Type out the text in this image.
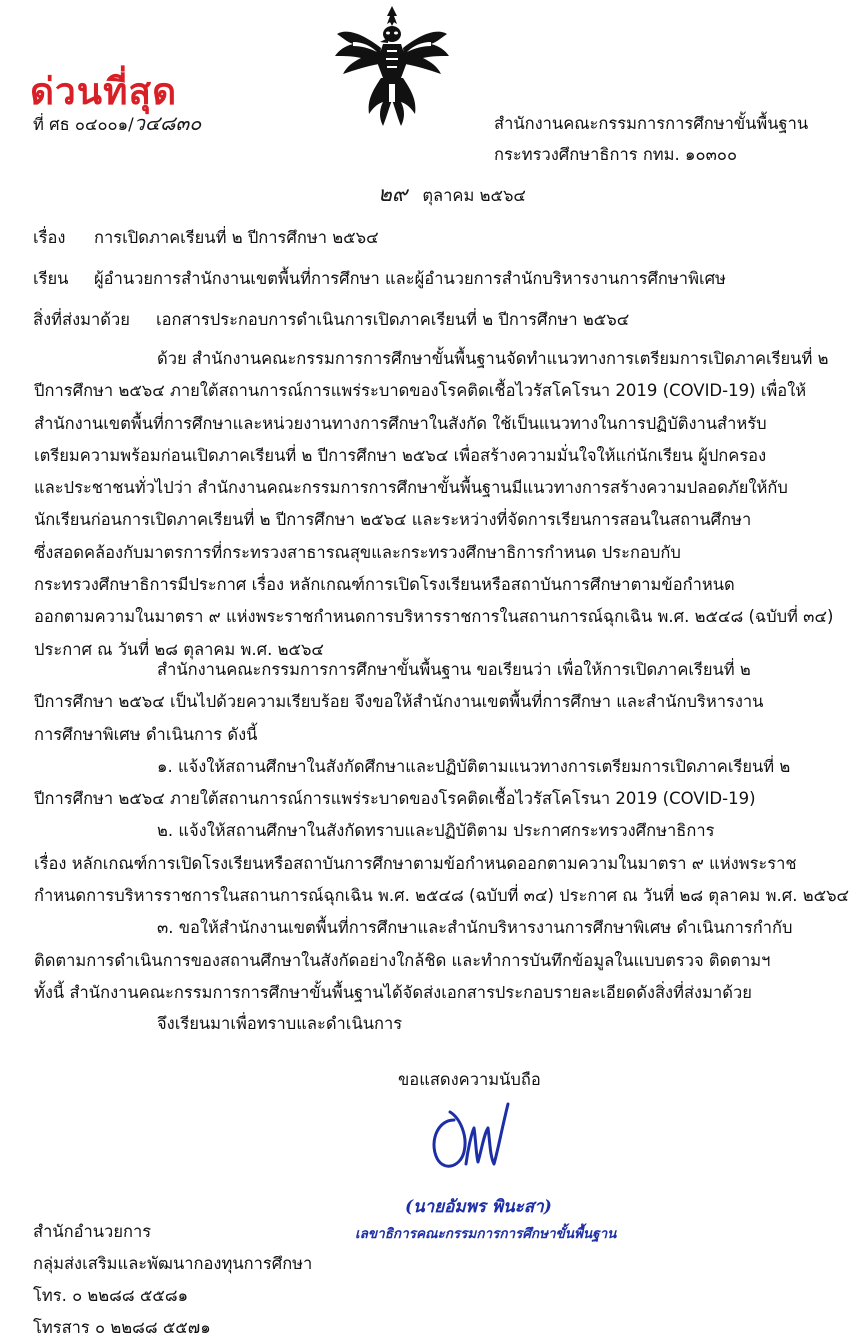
ด่วนที่สุด
ที่ ศธ ๐๔๐๐๑/ว๔๘๓๐	สำนักงานคณะกรรมการการศึกษาขั้นพื้นฐาน
กระทรวงศึกษาธิการ กทม. ๑๐๓๐๐
๒๙ ตุลาคม ๒๕๖๔
เรื่อง การเปิดภาคเรียนที่ ๒ ปีการศึกษา ๒๕๖๔
เรียน ผู้อำนวยการสำนักงานเขตพื้นที่การศึกษา และผู้อำนวยการสำนักบริหารงานการศึกษาพิเศษ
สิ่งที่ส่งมาด้วย เอกสารประกอบการดำเนินการเปิดภาคเรียนที่ ๒ ปีการศึกษา ๒๕๖๔
ด้วย สำนักงานคณะกรรมการการศึกษาขั้นพื้นฐานจัดทำแนวทางการเตรียมการเปิดภาคเรียนที่ ๒
ปีการศึกษา ๒๕๖๔ ภายใต้สถานการณ์การแพร่ระบาดของโรคติดเชื้อไวรัสโคโรนา 2019 (COVID-19) เพื่อให้
สำนักงานเขตพื้นที่การศึกษาและหน่วยงานทางการศึกษาในสังกัด ใช้เป็นแนวทางในการปฏิบัติงานสำหรับ
เตรียมความพร้อมก่อนเปิดภาคเรียนที่ ๒ ปีการศึกษา ๒๕๖๔ เพื่อสร้างความมั่นใจให้แก่นักเรียน ผู้ปกครอง
และประชาชนทั่วไปว่า สำนักงานคณะกรรมการการศึกษาขั้นพื้นฐานมีแนวทางการสร้างความปลอดภัยให้กับ
นักเรียนก่อนการเปิดภาคเรียนที่ ๒ ปีการศึกษา ๒๕๖๔ และระหว่างที่จัดการเรียนการสอนในสถานศึกษา
ซึ่งสอดคล้องกับมาตรการที่กระทรวงสาธารณสุขและกระทรวงศึกษาธิการกำหนด ประกอบกับ
กระทรวงศึกษาธิการมีประกาศ เรื่อง หลักเกณฑ์การเปิดโรงเรียนหรือสถาบันการศึกษาตามข้อกำหนด
ออกตามความในมาตรา ๙ แห่งพระราชกำหนดการบริหารราชการในสถานการณ์ฉุกเฉิน พ.ศ. ๒๕๔๘ (ฉบับที่ ๓๔)
ประกาศ ณ วันที่ ๒๘ ตุลาคม พ.ศ. ๒๕๖๔
สำนักงานคณะกรรมการการศึกษาขั้นพื้นฐาน ขอเรียนว่า เพื่อให้การเปิดภาคเรียนที่ ๒
ปีการศึกษา ๒๕๖๔ เป็นไปด้วยความเรียบร้อย จึงขอให้สำนักงานเขตพื้นที่การศึกษา และสำนักบริหารงาน
การศึกษาพิเศษ ดำเนินการ ดังนี้
๑. แจ้งให้สถานศึกษาในสังกัดศึกษาและปฏิบัติตามแนวทางการเตรียมการเปิดภาคเรียนที่ ๒
ปีการศึกษา ๒๕๖๔ ภายใต้สถานการณ์การแพร่ระบาดของโรคติดเชื้อไวรัสโคโรนา 2019 (COVID-19)
๒. แจ้งให้สถานศึกษาในสังกัดทราบและปฏิบัติตาม ประกาศกระทรวงศึกษาธิการ
เรื่อง หลักเกณฑ์การเปิดโรงเรียนหรือสถาบันการศึกษาตามข้อกำหนดออกตามความในมาตรา ๙ แห่งพระราช
กำหนดการบริหารราชการในสถานการณ์ฉุกเฉิน พ.ศ. ๒๕๔๘ (ฉบับที่ ๓๔) ประกาศ ณ วันที่ ๒๘ ตุลาคม พ.ศ. ๒๕๖๔
๓. ขอให้สำนักงานเขตพื้นที่การศึกษาและสำนักบริหารงานการศึกษาพิเศษ ดำเนินการกำกับ
ติดตามการดำเนินการของสถานศึกษาในสังกัดอย่างใกล้ชิด และทำการบันทึกข้อมูลในแบบตรวจ ติดตามฯ
ทั้งนี้ สำนักงานคณะกรรมการการศึกษาขั้นพื้นฐานได้จัดส่งเอกสารประกอบรายละเอียดดังสิ่งที่ส่งมาด้วย
จึงเรียนมาเพื่อทราบและดำเนินการ
ขอแสดงความนับถือ
(นายอัมพร พินะสา)
เลขาธิการคณะกรรมการการศึกษาขั้นพื้นฐาน
สำนักอำนวยการ
กลุ่มส่งเสริมและพัฒนากองทุนการศึกษา
โทร. ๐ ๒๒๘๘ ๕๕๘๑
โทรสาร ๐ ๒๒๘๘ ๕๕๗๑
